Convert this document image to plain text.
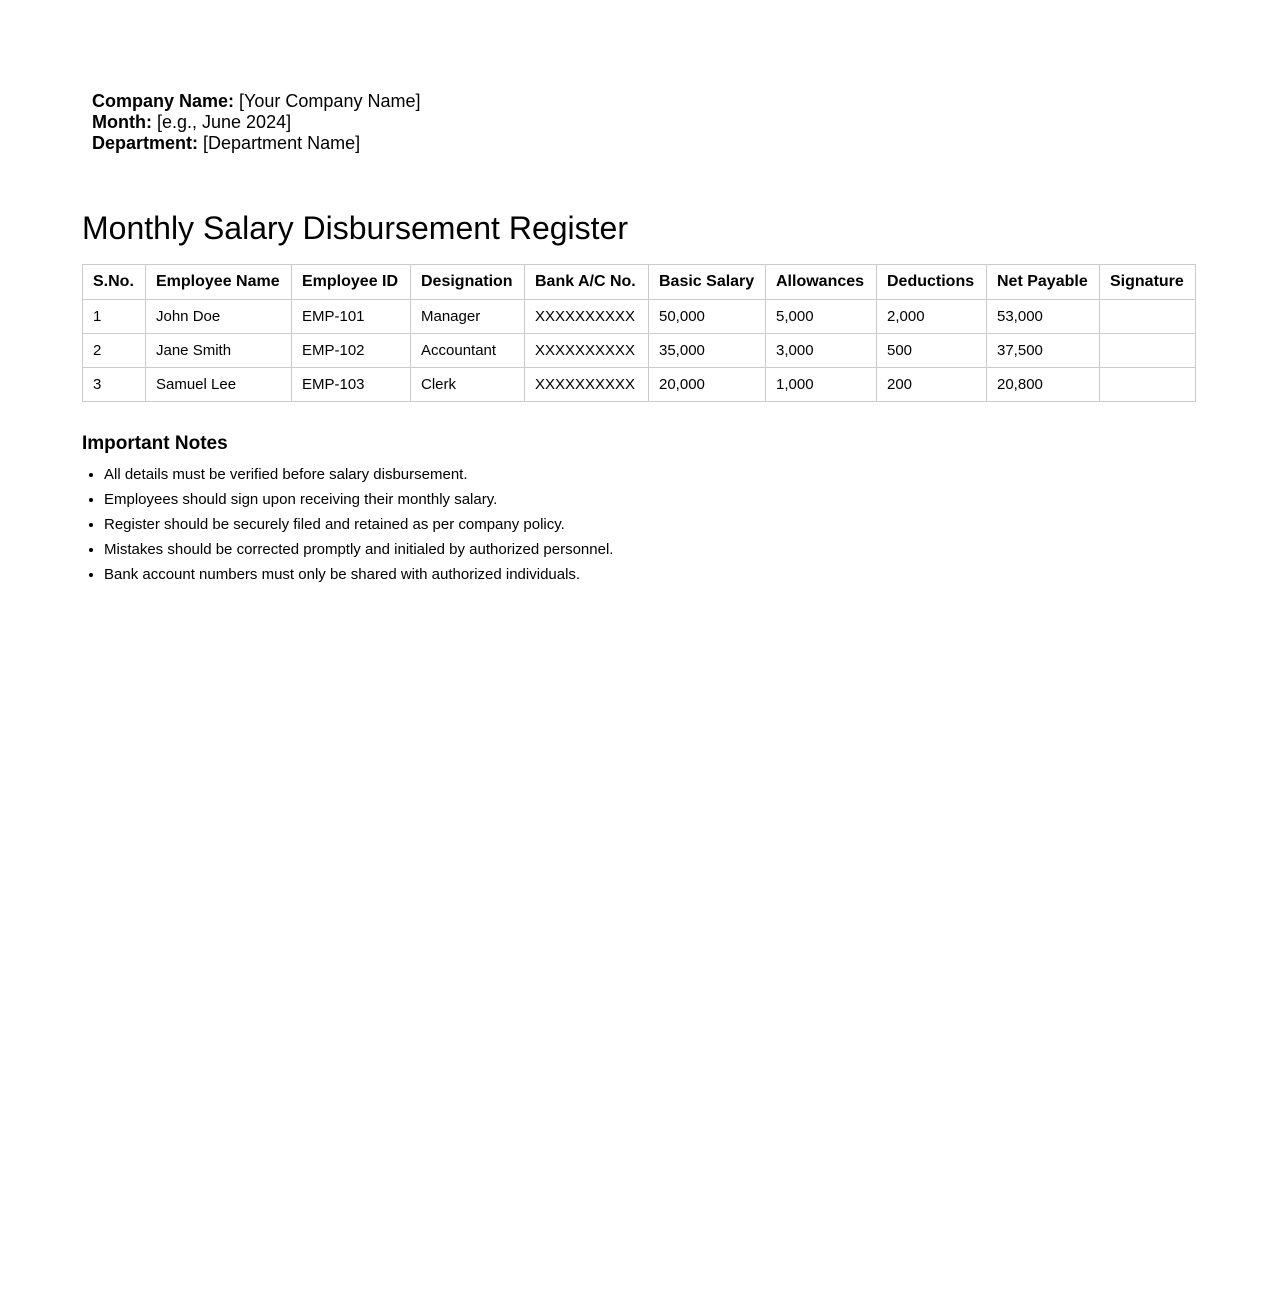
Company Name: [Your Company Name]
Month: [e.g., June 2024]
Department: [Department Name]
Monthly Salary Disbursement Register
S.No.	Employee Name	Employee ID	Designation	Bank A/C No.	Basic Salary	Allowances	Deductions	Net Payable	Signature
1	John Doe	EMP-101	Manager	XXXXXXXXXX	50,000	5,000	2,000	53,000	
2	Jane Smith	EMP-102	Accountant	XXXXXXXXXX	35,000	3,000	500	37,500	
3	Samuel Lee	EMP-103	Clerk	XXXXXXXXXX	20,000	1,000	200	20,800	
Important Notes
• All details must be verified before salary disbursement.
• Employees should sign upon receiving their monthly salary.
• Register should be securely filed and retained as per company policy.
• Mistakes should be corrected promptly and initialed by authorized personnel.
• Bank account numbers must only be shared with authorized individuals.
